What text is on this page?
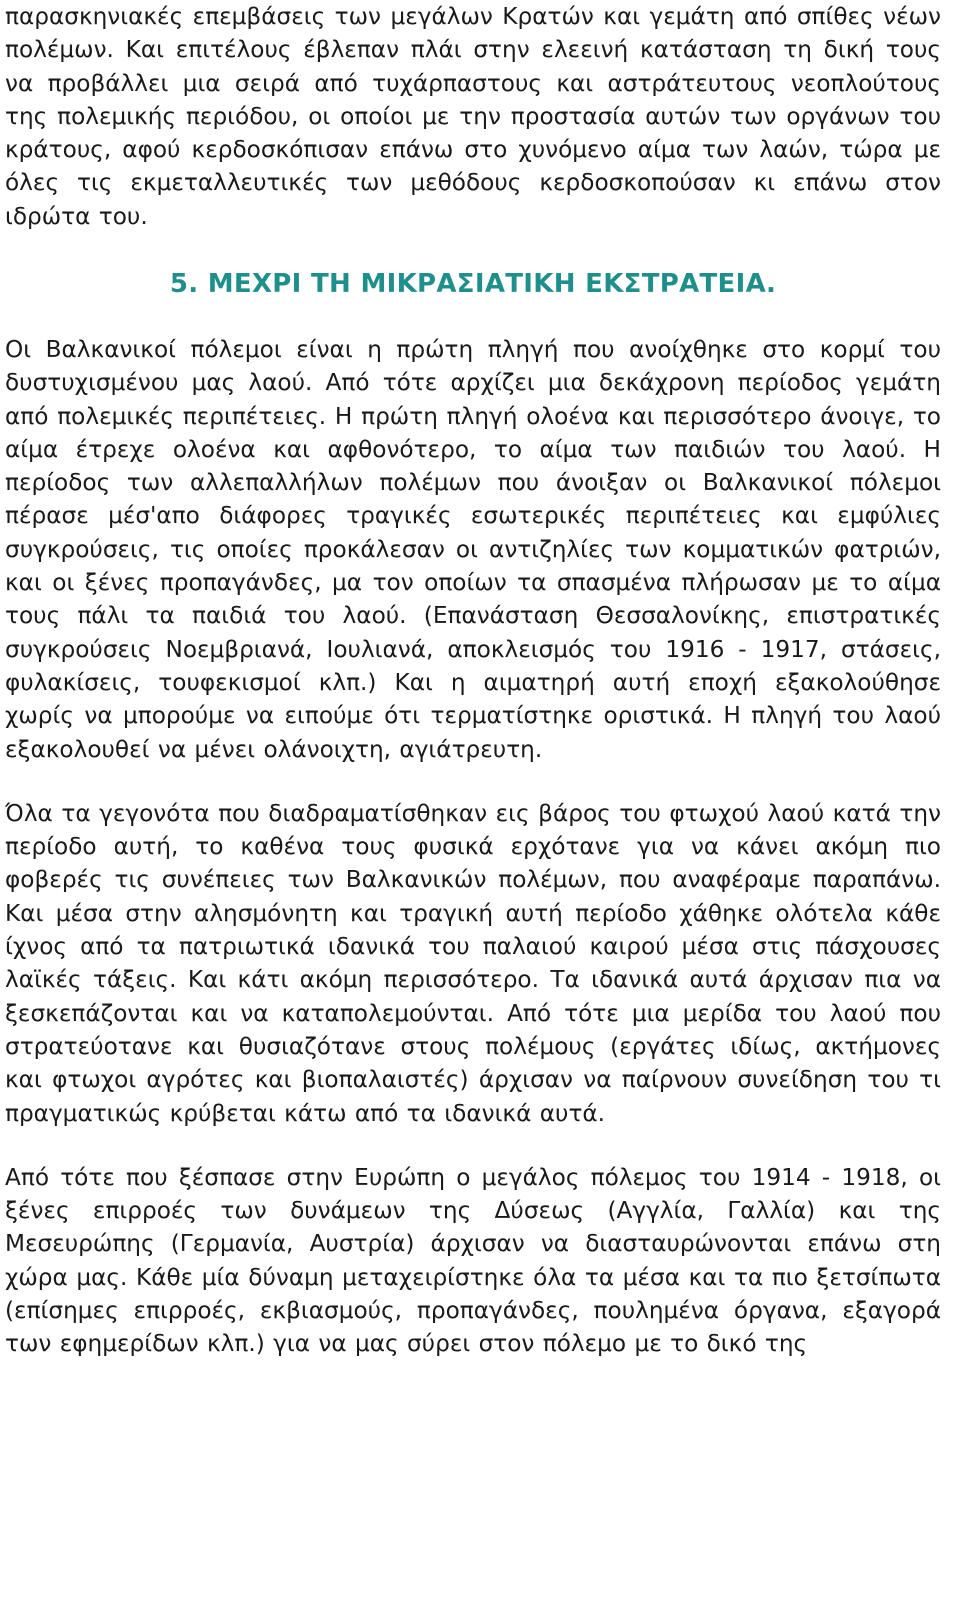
παρασκηνιακές επεμβάσεις των μεγάλων Κρατών και γεμάτη από σπίθες νέων πολέμων. Και επιτέλους έβλεπαν πλάι στην ελεεινή κατάσταση τη δική τους να προβάλλει μια σειρά από τυχάρπαστους και αστράτευτους νεοπλούτους της πολεμικής περιόδου, οι οποίοι με την προστασία αυτών των οργάνων του κράτους, αφού κερδοσκόπισαν επάνω στο χυνόμενο αίμα των λαών, τώρα με όλες τις εκμεταλλευτικές των μεθόδους κερδοσκοπούσαν κι επάνω στον ιδρώτα του.

5. ΜΕΧΡΙ ΤΗ ΜΙΚΡΑΣΙΑΤΙΚΗ ΕΚΣΤΡΑΤΕΙΑ.

Οι Βαλκανικοί πόλεμοι είναι η πρώτη πληγή που ανοίχθηκε στο κορμί του δυστυχισμένου μας λαού. Από τότε αρχίζει μια δεκάχρονη περίοδος γεμάτη από πολεμικές περιπέτειες. Η πρώτη πληγή ολοένα και περισσότερο άνοιγε, το αίμα έτρεχε ολοένα και αφθονότερο, το αίμα των παιδιών του λαού. Η περίοδος των αλλεπαλλήλων πολέμων που άνοιξαν οι Βαλκανικοί πόλεμοι πέρασε μέσ'απο διάφορες τραγικές εσωτερικές περιπέτειες και εμφύλιες συγκρούσεις, τις οποίες προκάλεσαν οι αντιζηλίες των κομματικών φατριών, και οι ξένες προπαγάνδες, μα τον οποίων τα σπασμένα πλήρωσαν με το αίμα τους πάλι τα παιδιά του λαού. (Επανάσταση Θεσσαλονίκης, επιστρατικές συγκρούσεις Νοεμβριανά, Ιουλιανά, αποκλεισμός του 1916 - 1917, στάσεις, φυλακίσεις, τουφεκισμοί κλπ.) Και η αιματηρή αυτή εποχή εξακολούθησε χωρίς να μπορούμε να ειπούμε ότι τερματίστηκε οριστικά. Η πληγή του λαού εξακολουθεί να μένει ολάνοιχτη, αγιάτρευτη.

Όλα τα γεγονότα που διαδραματίσθηκαν εις βάρος του φτωχού λαού κατά την περίοδο αυτή, το καθένα τους φυσικά ερχότανε για να κάνει ακόμη πιο φοβερές τις συνέπειες των Βαλκανικών πολέμων, που αναφέραμε παραπάνω. Και μέσα στην αλησμόνητη και τραγική αυτή περίοδο χάθηκε ολότελα κάθε ίχνος από τα πατριωτικά ιδανικά του παλαιού καιρού μέσα στις πάσχουσες λαϊκές τάξεις. Και κάτι ακόμη περισσότερο. Τα ιδανικά αυτά άρχισαν πια να ξεσκεπάζονται και να καταπολεμούνται. Από τότε μια μερίδα του λαού που στρατεύοτανε και θυσιαζότανε στους πολέμους (εργάτες ιδίως, ακτήμονες και φτωχοι αγρότες και βιοπαλαιστές) άρχισαν να παίρνουν συνείδηση του τι πραγματικώς κρύβεται κάτω από τα ιδανικά αυτά.

Από τότε που ξέσπασε στην Ευρώπη ο μεγάλος πόλεμος του 1914 - 1918, οι ξένες επιρροές των δυνάμεων της Δύσεως (Αγγλία, Γαλλία) και της Μεσευρώπης (Γερμανία, Αυστρία) άρχισαν να διασταυρώνονται επάνω στη χώρα μας. Κάθε μία δύναμη μεταχειρίστηκε όλα τα μέσα και τα πιο ξετσίπωτα (επίσημες επιρροές, εκβιασμούς, προπαγάνδες, πουλημένα όργανα, εξαγορά των εφημερίδων κλπ.) για να μας σύρει στον πόλεμο με το δικό της
